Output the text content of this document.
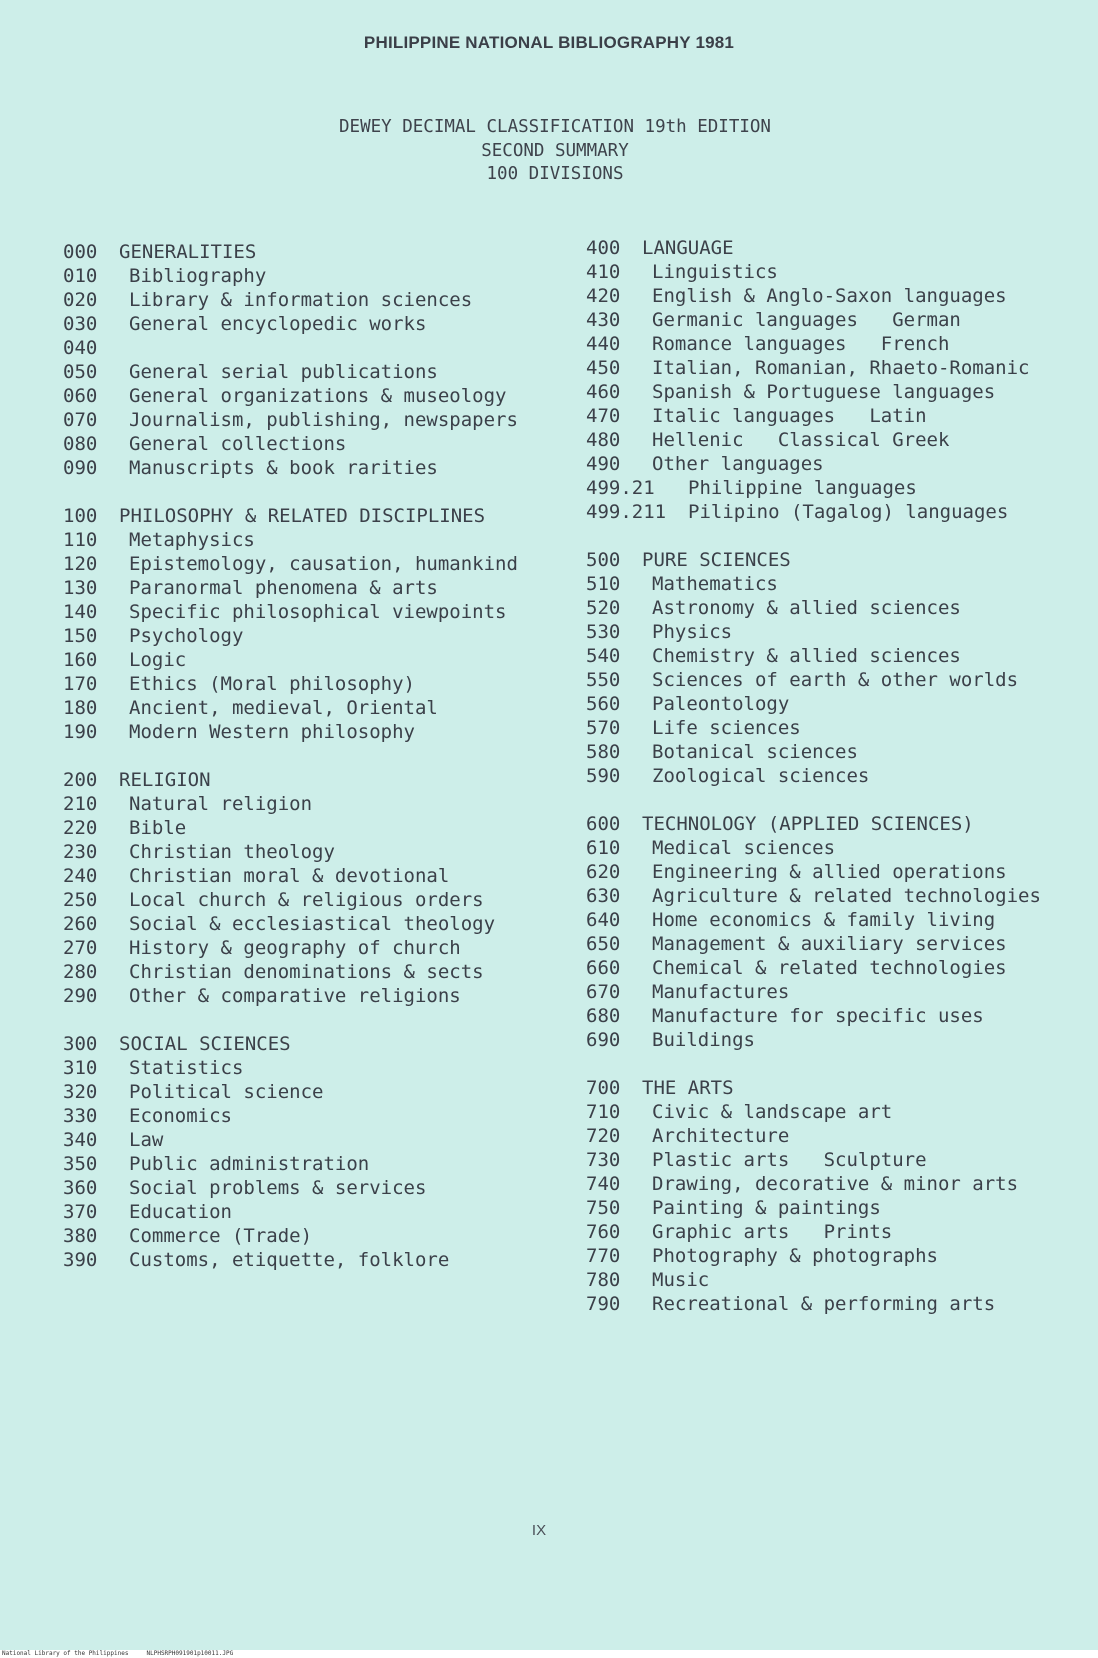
PHILIPPINE NATIONAL BIBLIOGRAPHY 1981
DEWEY DECIMAL CLASSIFICATION 19th EDITION
SECOND SUMMARY
100 DIVISIONS
000 GENERALITIES
010 Bibliography
020 Library & information sciences
030 General encyclopedic works
040
050 General serial publications
060 General organizations & museology
070 Journalism, publishing, newspapers
080 General collections
090 Manuscripts & book rarities
100 PHILOSOPHY & RELATED DISCIPLINES
110 Metaphysics
120 Epistemology, causation, humankind
130 Paranormal phenomena & arts
140 Specific philosophical viewpoints
150 Psychology
160 Logic
170 Ethics (Moral philosophy)
180 Ancient, medieval, Oriental
190 Modern Western philosophy
200 RELIGION
210 Natural religion
220 Bible
230 Christian theology
240 Christian moral & devotional
250 Local church & religious orders
260 Social & ecclesiastical theology
270 History & geography of church
280 Christian denominations & sects
290 Other & comparative religions
300 SOCIAL SCIENCES
310 Statistics
320 Political science
330 Economics
340 Law
350 Public administration
360 Social problems & services
370 Education
380 Commerce (Trade)
390 Customs, etiquette, folklore
400 LANGUAGE
410 Linguistics
420 English & Anglo-Saxon languages
430 Germanic languages   German
440 Romance languages   French
450 Italian, Romanian, Rhaeto-Romanic
460 Spanish & Portuguese languages
470 Italic languages   Latin
480 Hellenic   Classical Greek
490 Other languages
499.21 Philippine languages
499.211 Pilipino (Tagalog) languages
500 PURE SCIENCES
510 Mathematics
520 Astronomy & allied sciences
530 Physics
540 Chemistry & allied sciences
550 Sciences of earth & other worlds
560 Paleontology
570 Life sciences
580 Botanical sciences
590 Zoological sciences
600 TECHNOLOGY (APPLIED SCIENCES)
610 Medical sciences
620 Engineering & allied operations
630 Agriculture & related technologies
640 Home economics & family living
650 Management & auxiliary services
660 Chemical & related technologies
670 Manufactures
680 Manufacture for specific uses
690 Buildings
700 THE ARTS
710 Civic & landscape art
720 Architecture
730 Plastic arts   Sculpture
740 Drawing, decorative & minor arts
750 Painting & paintings
760 Graphic arts   Prints
770 Photography & photographs
780 Music
790 Recreational & performing arts
IX
National Library of the Philippines	NLPHSRPH091901p10011.JPG
